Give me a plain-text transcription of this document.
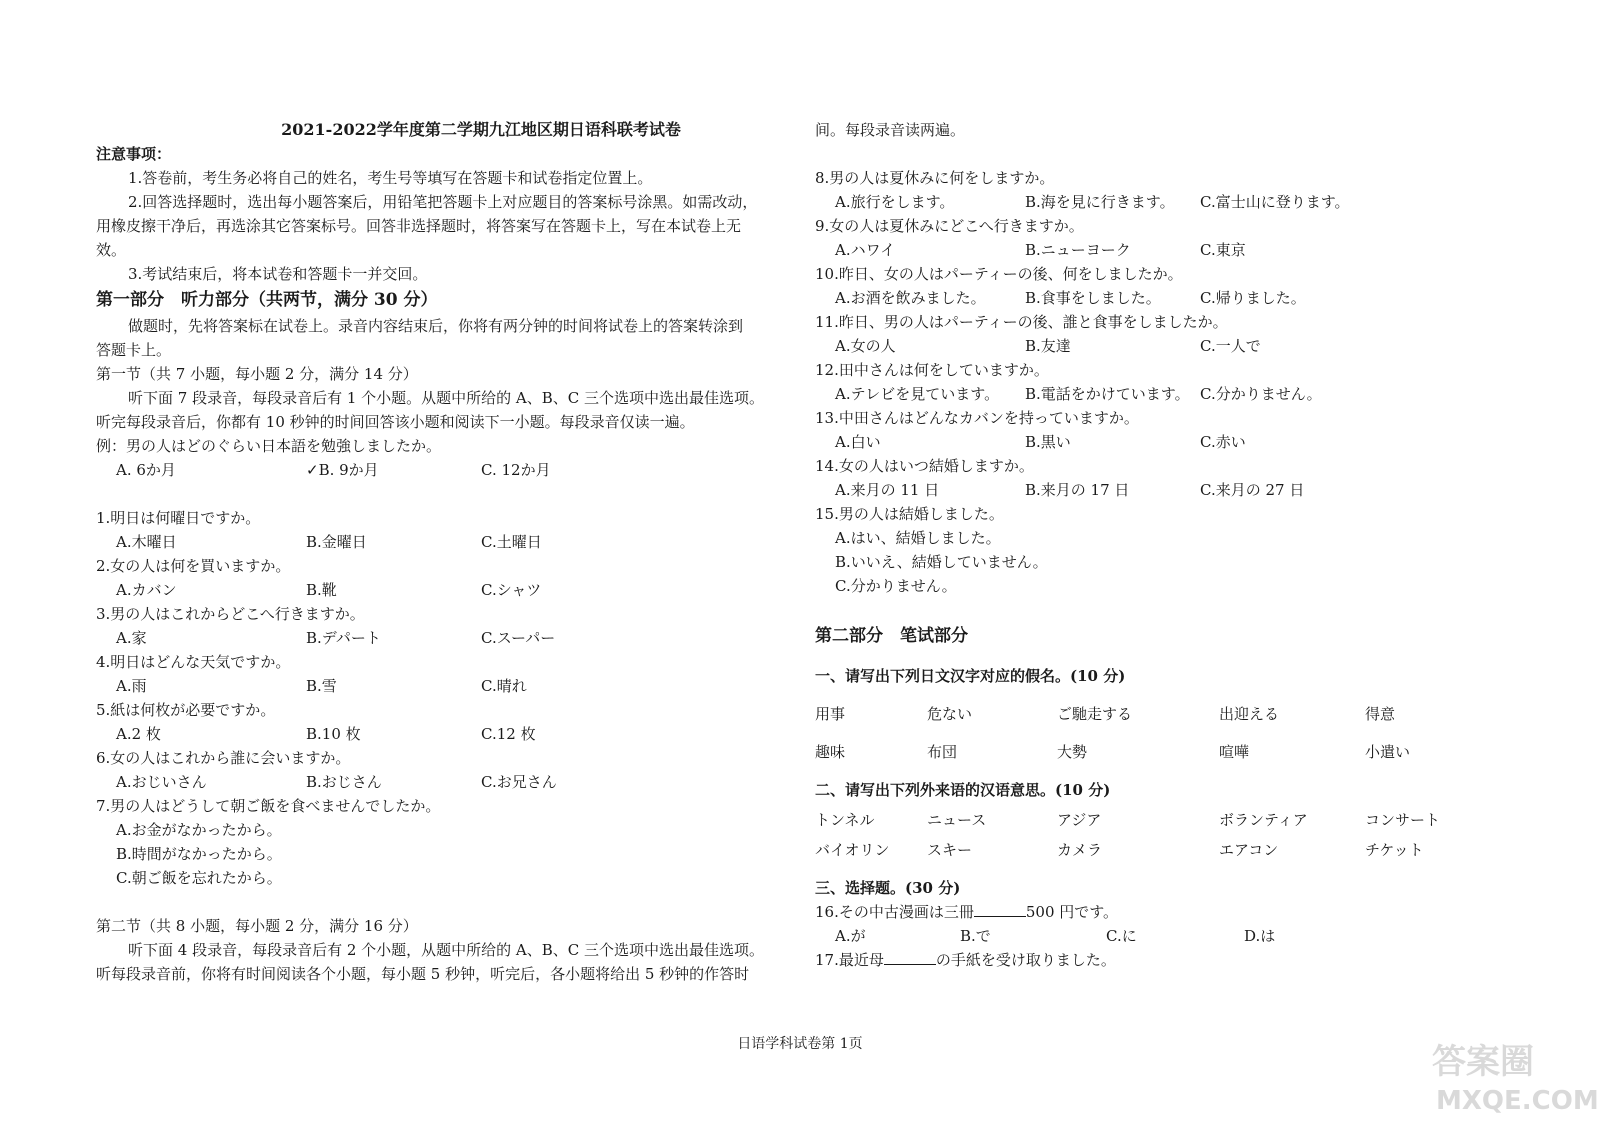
2021-2022学年度第二学期九江地区期日语科联考试卷
注意事项：
1.答卷前，考生务必将自己的姓名，考生号等填写在答题卡和试卷指定位置上。
2.回答选择题时，选出每小题答案后，用铅笔把答题卡上对应题目的答案标号涂黑。如需改动，
用橡皮擦干净后，再选涂其它答案标号。回答非选择题时，将答案写在答题卡上，写在本试卷上无
效。
3.考试结束后，将本试卷和答题卡一并交回。
第一部分　听力部分（共两节，满分 30 分）
做题时，先将答案标在试卷上。录音内容结束后，你将有两分钟的时间将试卷上的答案转涂到
答题卡上。
第一节（共 7 小题，每小题 2 分，满分 14 分）
听下面 7 段录音，每段录音后有 1 个小题。从题中所给的 A、B、C 三个选项中选出最佳选项。
听完每段录音后，你都有 10 秒钟的时间回答该小题和阅读下一小题。每段录音仅读一遍。
例：男の人はどのぐらい日本語を勉強しましたか。
A. 6か月	✓B. 9か月	C. 12か月
1.明日は何曜日ですか。
A.木曜日	B.金曜日	C.土曜日
2.女の人は何を買いますか。
A.カバン	B.靴	C.シャツ
3.男の人はこれからどこへ行きますか。
A.家	B.デパート	C.スーパー
4.明日はどんな天気ですか。
A.雨	B.雪	C.晴れ
5.紙は何枚が必要ですか。
A.2 枚	B.10 枚	C.12 枚
6.女の人はこれから誰に会いますか。
A.おじいさん	B.おじさん	C.お兄さん
7.男の人はどうして朝ご飯を食べませんでしたか。
A.お金がなかったから。
B.時間がなかったから。
C.朝ご飯を忘れたから。
第二节（共 8 小题，每小题 2 分，满分 16 分）
听下面 4 段录音，每段录音后有 2 个小题，从题中所给的 A、B、C 三个选项中选出最佳选项。
听每段录音前，你将有时间阅读各个小题，每小题 5 秒钟，听完后，各小题将给出 5 秒钟的作答时
间。每段录音读两遍。
8.男の人は夏休みに何をしますか。
A.旅行をします。	B.海を見に行きます。	C.富士山に登ります。
9.女の人は夏休みにどこへ行きますか。
A.ハワイ	B.ニューヨーク	C.東京
10.昨日、女の人はパーティーの後、何をしましたか。
A.お酒を飲みました。	B.食事をしました。	C.帰りました。
11.昨日、男の人はパーティーの後、誰と食事をしましたか。
A.女の人	B.友達	C.一人で
12.田中さんは何をしていますか。
A.テレビを見ています。	B.電話をかけています。 C.分かりません。
13.中田さんはどんなカバンを持っていますか。
A.白い	B.黒い	C.赤い
14.女の人はいつ結婚しますか。
A.来月の 11 日	B.来月の 17 日	C.来月の 27 日
15.男の人は結婚しました。
A.はい、結婚しました。
B.いいえ、結婚していません。
C.分かりません。
第二部分　笔试部分
一、请写出下列日文汉字对应的假名。(10 分)
用事	危ない	ご馳走する	出迎える	得意
趣味	布団	大勢	喧嘩	小遣い
二、请写出下列外来语的汉语意思。(10 分)
トンネル	ニュース	アジア	ボランティア	コンサート
バイオリン	スキー	カメラ	エアコン	チケット
三、选择题。(30 分)
16.その中古漫画は三冊	500 円です。
A.が	B.で	C.に	D.は
17.最近母	の手紙を受け取りました。
日语学科试卷第 1页	答案圈
MXQE.COM
